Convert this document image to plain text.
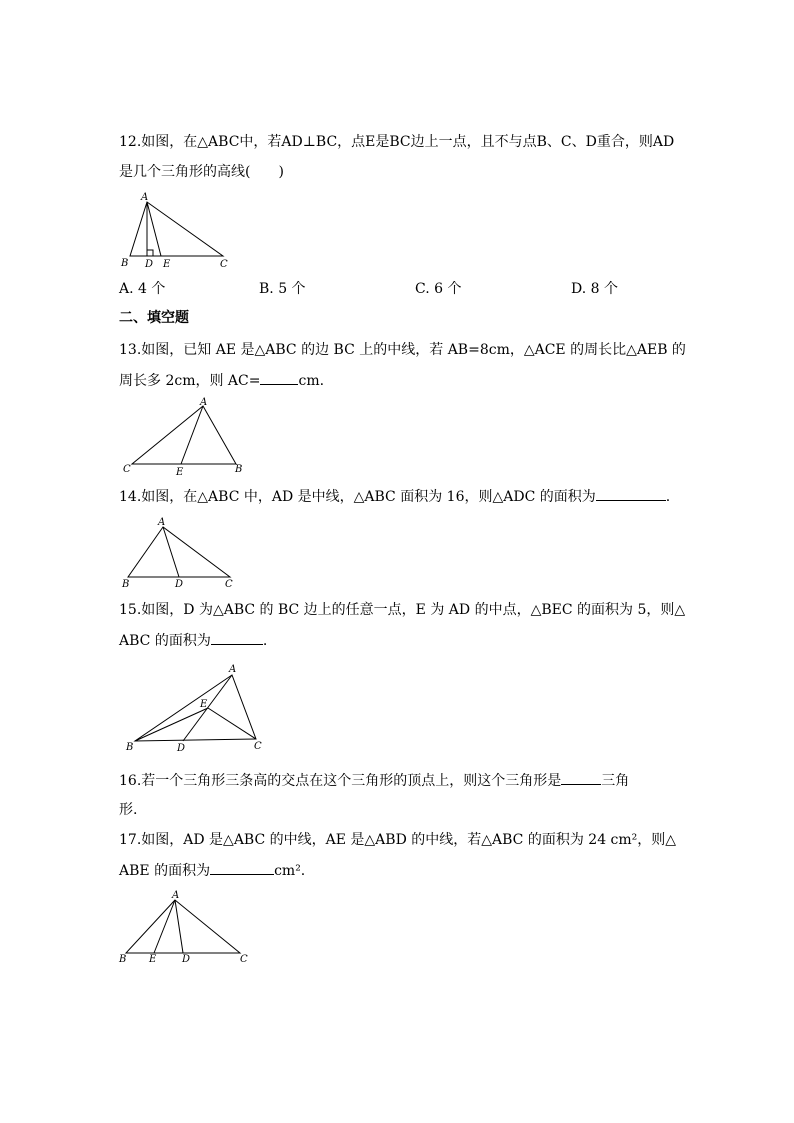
12.如图，在△ABC中，若AD⊥BC，点E是BC边上一点，且不与点B、C、D重合，则AD
是几个三角形的高线(　　)
A
B D E	C
A. 4 个	B. 5 个	C. 6 个	D. 8 个
二、填空题
13.如图，已知 AE 是△ABC 的边 BC 上的中线，若 AB=8cm，△ACE 的周长比△AEB 的
周长多 2cm，则 AC=	cm.
A
C	E	B
14.如图，在△ABC 中，AD 是中线，△ABC 面积为 16，则△ADC 的面积为	.
A
B	D	C
15.如图，D 为△ABC 的 BC 边上的任意一点，E 为 AD 的中点，△BEC 的面积为 5，则△
ABC 的面积为	.
A
E
B	D	C
16.若一个三角形三条高的交点在这个三角形的顶点上，则这个三角形是	三角
形.
17.如图，AD 是△ABC 的中线，AE 是△ABD 的中线，若△ABC 的面积为 24 cm²，则△
ABE 的面积为	cm².
A
B E	D	C
